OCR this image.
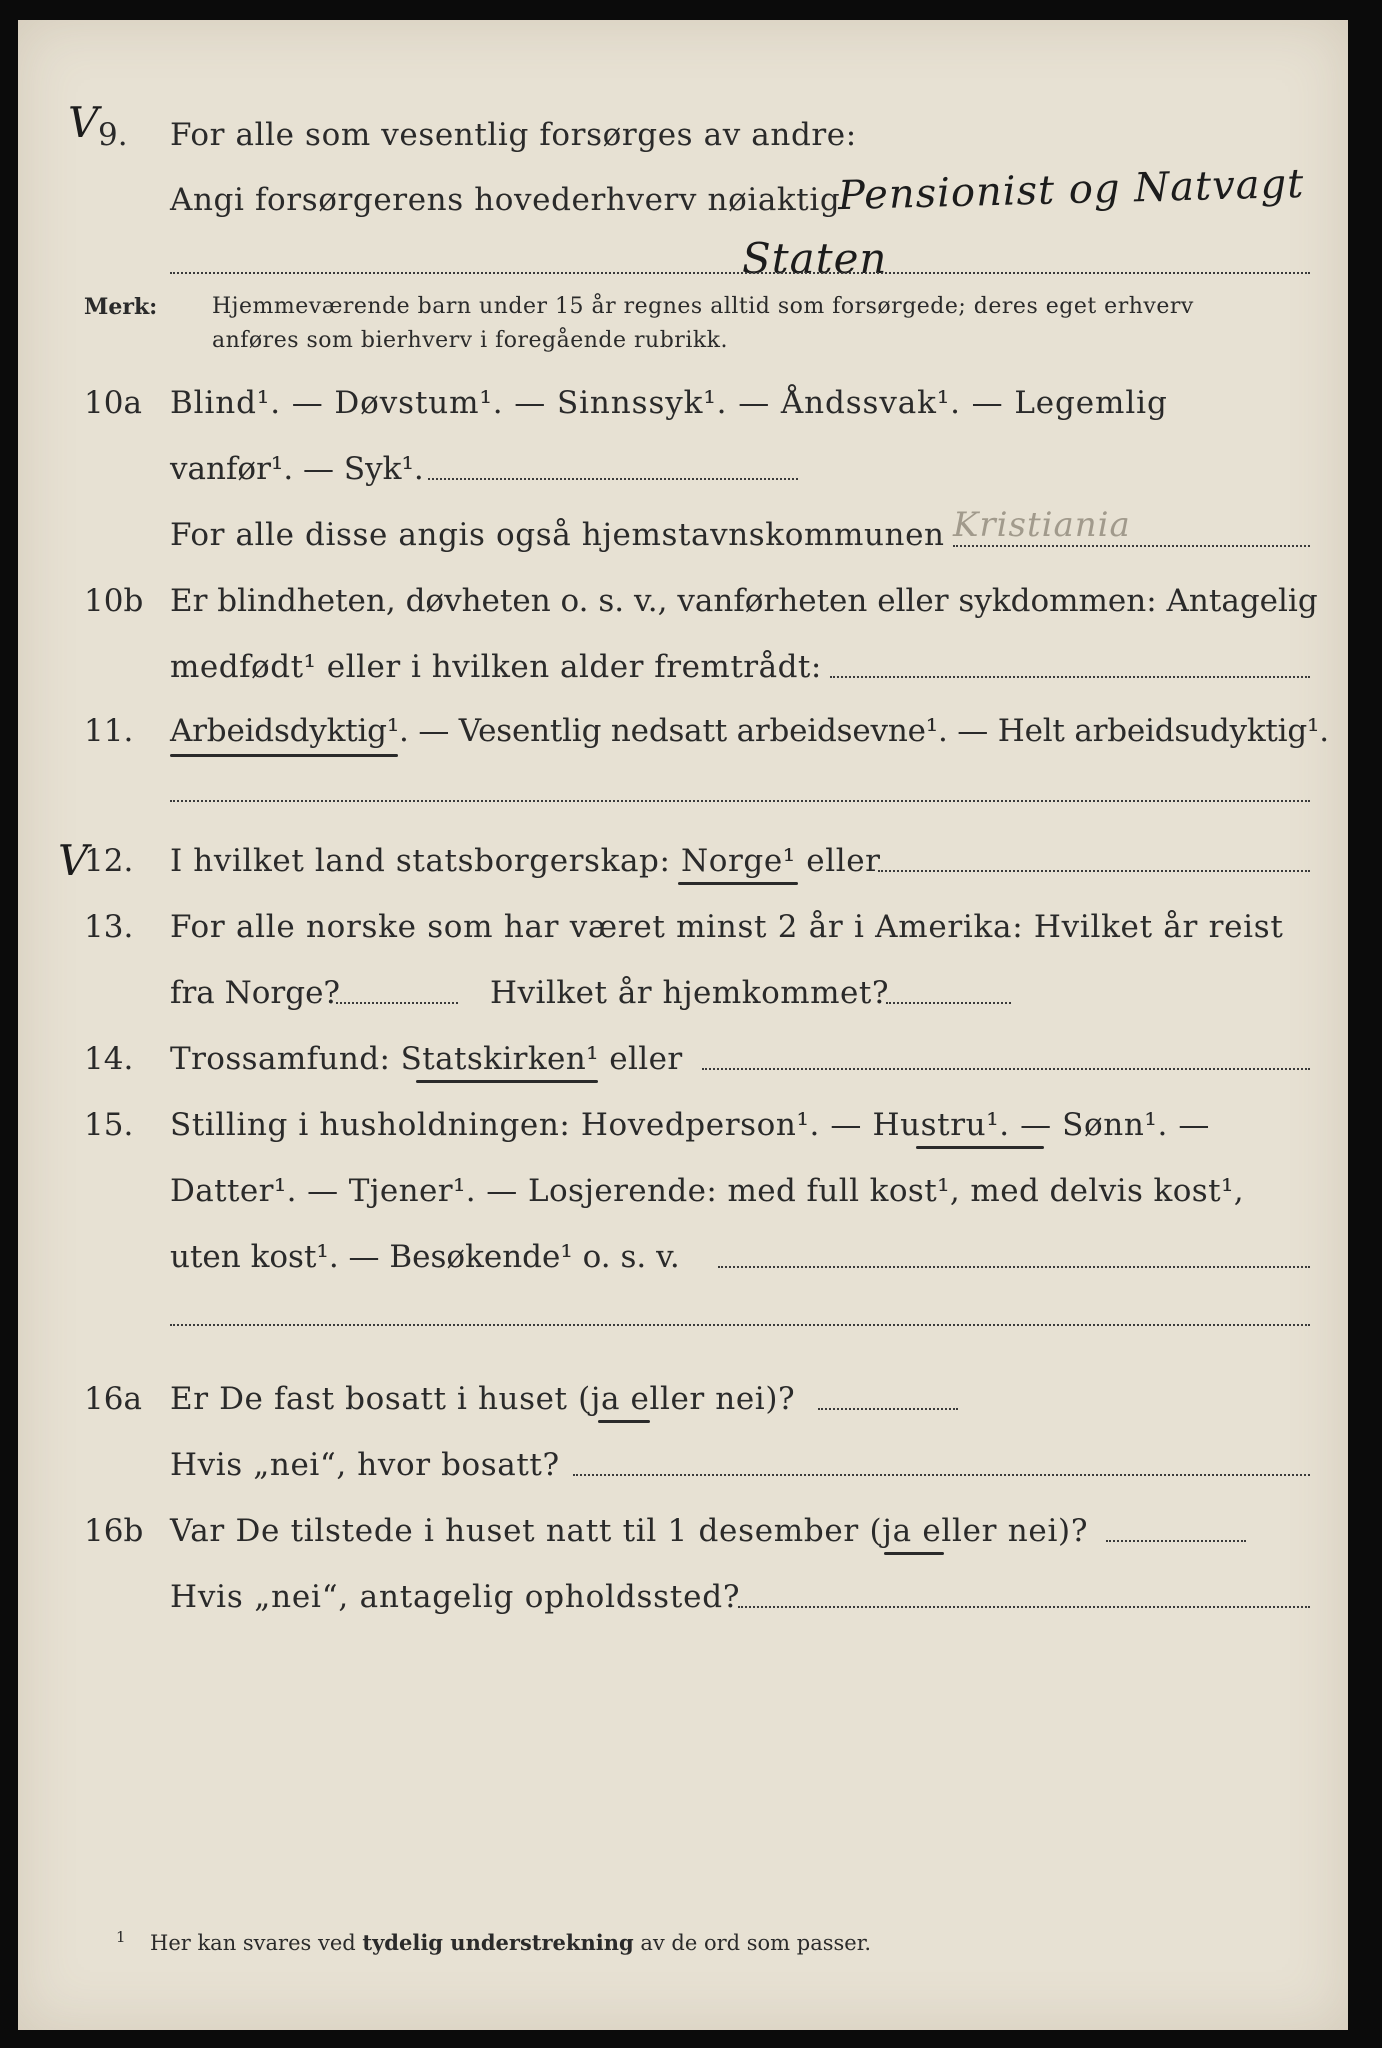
V 9. For alle som vesentlig forsørges av andre:
Angi forsørgerens hovederhverv nøiaktig
Pensionist og Natvagt
Staten
Merk: Hjemmeværende barn under 15 år regnes alltid som forsørgede; deres eget erhverv
anføres som bierhverv i foregående rubrikk.
10a Blind¹. — Døvstum¹. — Sinnssyk¹. — Åndssvak¹. — Legemlig
vanfør¹. — Syk¹.
For alle disse angis også hjemstavnskommunen Kristiania
10b Er blindheten, døvheten o. s. v., vanførheten eller sykdommen: Antagelig
medfødt¹ eller i hvilken alder fremtrådt:
11. Arbeidsdyktig¹. — Vesentlig nedsatt arbeidsevne¹. — Helt arbeidsudyktig¹.
V
12. I hvilket land statsborgerskap: Norge¹ eller
13. For alle norske som har været minst 2 år i Amerika: Hvilket år reist
fra Norge?	Hvilket år hjemkommet?
14. Trossamfund: Statskirken¹ eller
15. Stilling i husholdningen: Hovedperson¹. — Hustru¹. — Sønn¹. —
Datter¹. — Tjener¹. — Losjerende: med full kost¹, med delvis kost¹,
uten kost¹. — Besøkende¹ o. s. v.
16a Er De fast bosatt i huset (ja eller nei)?
Hvis „nei“, hvor bosatt?
16b Var De tilstede i huset natt til 1 desember (ja eller nei)?
Hvis „nei“, antagelig opholdssted?
1 Her kan svares ved tydelig understrekning av de ord som passer.
